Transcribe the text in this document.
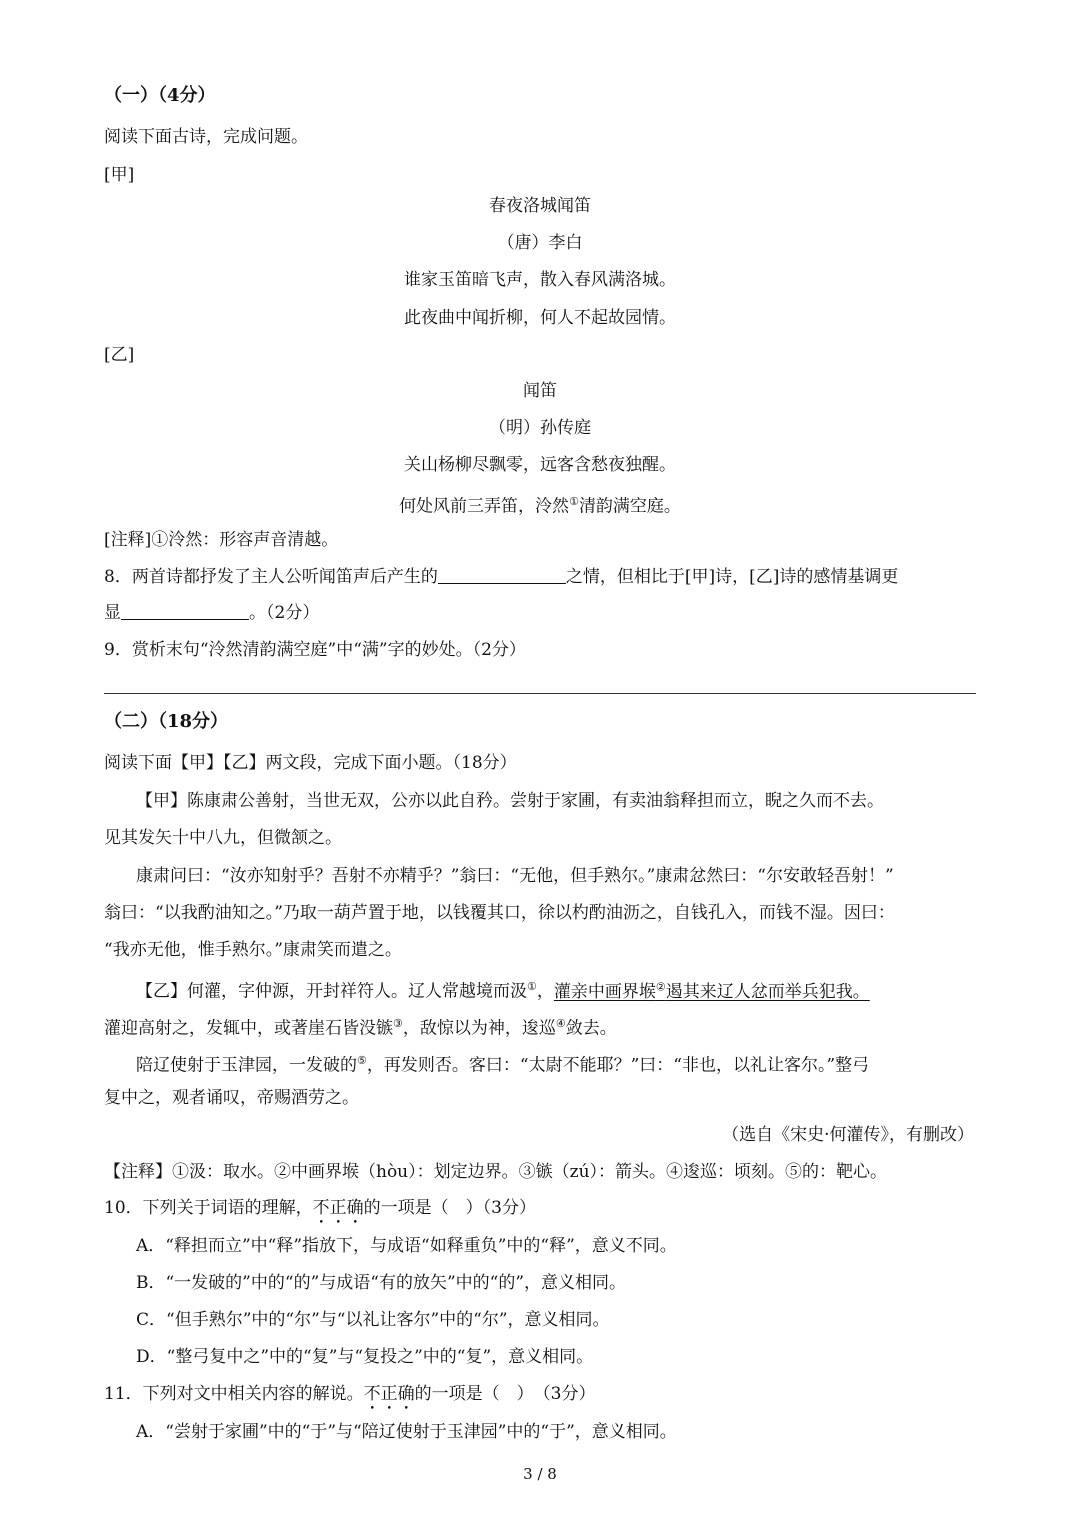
（一）（4分）
阅读下面古诗，完成问题。
[甲]
春夜洛城闻笛
（唐）李白
谁家玉笛暗飞声，散入春风满洛城。
此夜曲中闻折柳，何人不起故园情。
[乙]
闻笛
（明）孙传庭
关山杨柳尽飘零，远客含愁夜独醒。
何处风前三弄笛，泠然①清韵满空庭。
[注释]①泠然：形容声音清越。
8．两首诗都抒发了主人公听闻笛声后产生的	之情，但相比于[甲]诗，[乙]诗的感情基调更
显	。（2分）
9．赏析末句“泠然清韵满空庭”中“满”字的妙处。（2分）
（二）（18分）
阅读下面【甲】【乙】两文段，完成下面小题。（18分）
【甲】陈康肃公善射，当世无双，公亦以此自矜。尝射于家圃，有卖油翁释担而立，睨之久而不去。
见其发矢十中八九，但微颔之。
康肃问曰：“汝亦知射乎？吾射不亦精乎？”翁曰：“无他，但手熟尔。”康肃忿然曰：“尔安敢轻吾射！”
翁曰：“以我酌油知之。”乃取一葫芦置于地，以钱覆其口，徐以杓酌油沥之，自钱孔入，而钱不湿。因曰：
“我亦无他，惟手熟尔。”康肃笑而遣之。
【乙】何灌，字仲源，开封祥符人。辽人常越境而汲①，灌亲中画界堠②遏其来辽人忿而举兵犯我。
灌迎高射之，发辄中，或著崖石皆没镞③，敌惊以为神，逡巡④敛去。
陪辽使射于玉津园，一发破的⑤，再发则否。客曰：“太尉不能耶？”曰：“非也，以礼让客尔。”整弓
复中之，观者诵叹，帝赐酒劳之。
（选自《宋史·何灌传》，有删改）
【注释】①汲：取水。②中画界堠（hòu）：划定边界。③镞（zú）：箭头。④逡巡：顷刻。⑤的：靶心。
10．下列关于词语的理解，不正确的一项是（　）（3分）
A．“释担而立”中“释”指放下，与成语“如释重负”中的“释”，意义不同。
B．“一发破的”中的“的”与成语“有的放矢”中的“的”，意义相同。
C．“但手熟尔”中的“尔”与“以礼让客尔”中的“尔”，意义相同。
D．“整弓复中之”中的“复”与“复投之”中的“复”，意义相同。
11．下列对文中相关内容的解说。不正确的一项是（　）　（3分）
A．“尝射于家圃”中的“于”与“陪辽使射于玉津园”中的“于”，意义相同。
3 / 8
